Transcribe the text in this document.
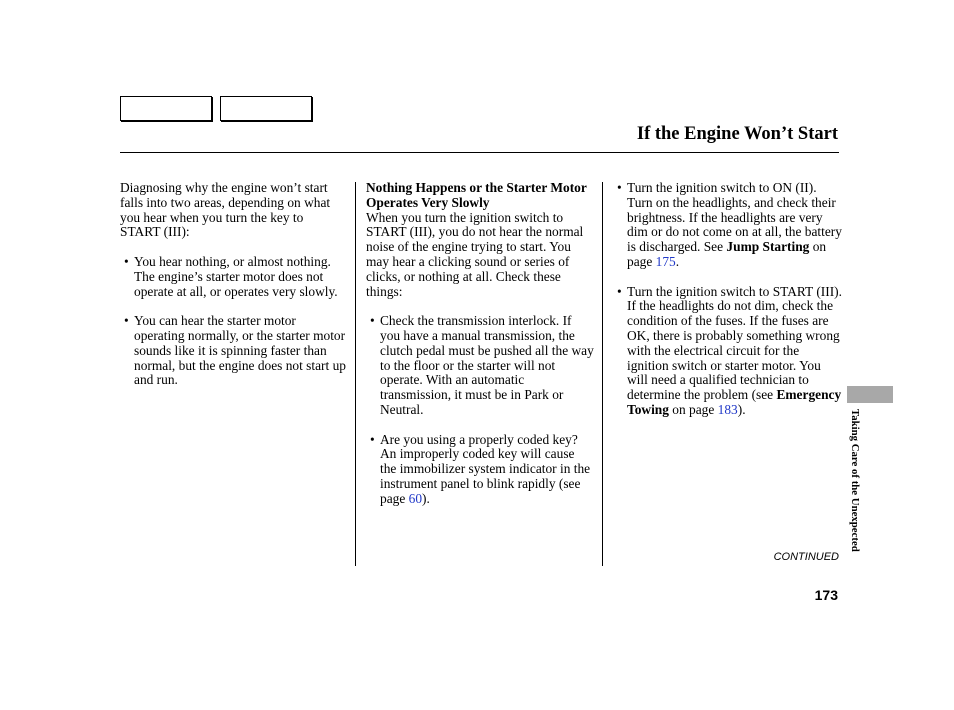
If the Engine Won’t Start

Diagnosing why the engine won’t start falls into two areas, depending on what you hear when you turn the key to START (III):

• You hear nothing, or almost nothing. The engine’s starter motor does not operate at all, or operates very slowly.

• You can hear the starter motor operating normally, or the starter motor sounds like it is spinning faster than normal, but the engine does not start up and run.

Nothing Happens or the Starter Motor Operates Very Slowly

When you turn the ignition switch to START (III), you do not hear the normal noise of the engine trying to start. You may hear a clicking sound or series of clicks, or nothing at all. Check these things:

• Check the transmission interlock. If you have a manual transmission, the clutch pedal must be pushed all the way to the floor or the starter will not operate. With an automatic transmission, it must be in Park or Neutral.

• Are you using a properly coded key? An improperly coded key will cause the immobilizer system indicator in the instrument panel to blink rapidly (see page 60).

• Turn the ignition switch to ON (II). Turn on the headlights, and check their brightness. If the headlights are very dim or do not come on at all, the battery is discharged. See Jump Starting on page 175.

• Turn the ignition switch to START (III). If the headlights do not dim, check the condition of the fuses. If the fuses are OK, there is probably something wrong with the electrical circuit for the ignition switch or starter motor. You will need a qualified technician to determine the problem (see Emergency Towing on page 183).	Taking Care of the Unexpected
CONTINUED
173
